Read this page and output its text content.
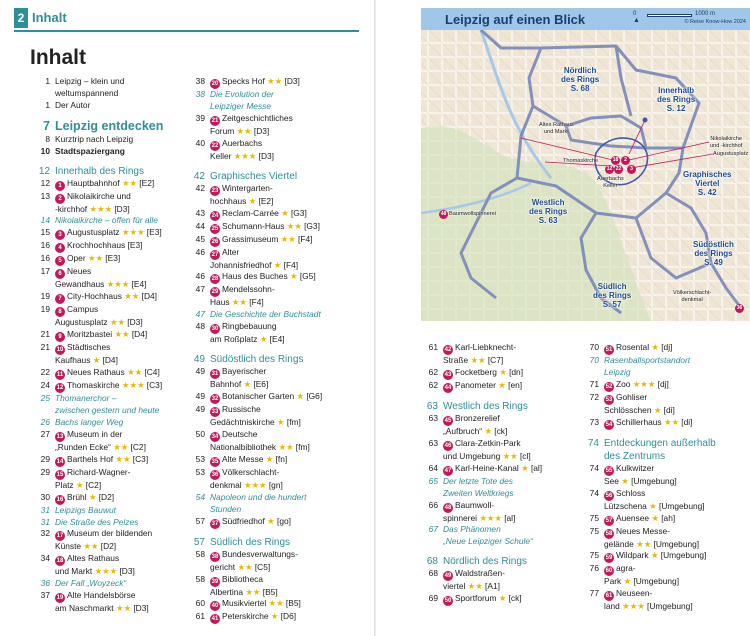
2 Inhalt
Inhalt
1 Leipzig – klein und
weltumspannend
1 Der Autor
7 Leipzig entdecken
8 Kurztrip nach Leipzig
10 Stadtspaziergang
12 Innerhalb des Rings
12	1 Hauptbahnhof ★★ [E2]
13	2 Nikolaikirche und
-kirchhof ★★★ [D3]
14 Nikolaikirche – offen für alle
15	3 Augustusplatz ★★★ [E3]
16	4 Krochhochhaus [E3]
16	5 Oper ★★ [E3]
17	6 Neues
Gewandhaus ★★★ [E4]
19	7 City-Hochhaus ★★ [D4]
19	8 Campus
Augustusplatz ★★ [D3]
21	9 Moritzbastei ★★ [D4]
21	10 Städtisches
Kaufhaus ★ [D4]
22	11 Neues Rathaus ★★ [C4]
24	12 Thomaskirche ★★★ [C3]
25 Thomanerchor –
zwischen gestern und heute
26 Bachs langer Weg
27	13 Museum in der
„Runden Ecke“ ★★ [C2]
29	14 Barthels Hof ★★ [C3]
29	15 Richard-Wagner-
Platz ★ [C2]
30	16 Brühl ★ [D2]
31 Leipzigs Bauwut
31 Die Straße des Pelzes
32	17 Museum der bildenden
Künste ★★ [D2]
34	18 Altes Rathaus
und Markt ★★★ [D3]
36 Der Fall „Woyzeck“
37	19 Alte Handelsbörse
am Naschmarkt ★★ [D3]
38	20 Specks Hof ★★ [D3]
38 Die Evolution der
Leipziger Messe
39	21 Zeitgeschichtliches
Forum ★★ [D3]
40	22 Auerbachs
Keller ★★★ [D3]
42 Graphisches Viertel
42	23 Wintergarten-
hochhaus ★ [E2]
43	24 Reclam-Carrée ★ [G3]
44	25 Schumann-Haus ★★ [G3]
45	26 Grassimuseum ★★ [F4]
46	27 Alter
Johannisfriedhof ★ [F4]
46	28 Haus des Buches ★ [G5]
47	29 Mendelssohn-
Haus ★★ [F4]
47 Die Geschichte der Buchstadt
48	30 Ringbebauung
am Roßplatz ★ [E4]
49 Südöstlich des Rings
49	31 Bayerischer
Bahnhof ★ [E6]
49	32 Botanischer Garten ★ [G6]
49	33 Russische
Gedächtniskirche ★ [fm]
50	34 Deutsche
Nationalbibliothek ★★ [fm]
53	35 Alte Messe ★ [fn]
53	36 Völkerschlacht-
denkmal ★★★ [gn]
54 Napoleon und die hundert
Stunden
57	37 Südfriedhof ★ [go]
57 Südlich des Rings
58	38 Bundesverwaltungs-
gericht ★★ [C5]
58	39 Bibliotheca
Albertina ★★ [B5]
60	40 Musikviertel ★★ [B5]
61	41 Peterskirche ★ [D6]
Leipzig auf einen Blick	▲
0	1000 m
© Reise Know-How 2024
Nördlich
des Rings
S. 68	Innerhalb
des Rings
S. 12
Graphisches
Viertel
S. 42
Westlich
des Rings
S. 63
Südöstlich
des Rings
S. 49
Südlich
des Rings
S. 57
Altes Rathaus
und Markt
Thomaskirche
Auerbachs
Keller
Nikolaikirche
und -kirchhof
Augustusplatz
Baumwollspinnerei
Völkerschlacht-
denkmal
18
12 22
2
3
48
36
61	42 Karl-Liebknecht-
Straße ★★ [C7]
62	43 Focketberg ★ [dn]
62	44 Panometer ★ [en]
63 Westlich des Rings
63	45 Bronzerelief
„Aufbruch“ ★ [ck]
63	46 Clara-Zetkin-Park
und Umgebung ★★ [cl]
64	47 Karl-Heine-Kanal ★ [al]
65 Der letzte Tote des
Zweiten Weltkriegs
66	48 Baumwoll-
spinnerei ★★★ [al]
67 Das Phänomen
„Neue Leipziger Schule“
68 Nördlich des Rings
68	49 Waldstraßen-
viertel ★★ [A1]
69	50 Sportforum ★ [ck]
70	51 Rosental ★ [dj]
70 Rasenballsportstandort
Leipzig
71	52 Zoo ★★★ [dj]
72	53 Gohliser
Schlösschen ★ [di]
73	54 Schillerhaus ★★ [di]
74 Entdeckungen außerhalb
des Zentrums
74	55 Kulkwitzer
See ★ [Umgebung]
74	56 Schloss
Lützschena ★ [Umgebung]
75	57 Auensee ★ [ah]
75	58 Neues Messe-
gelände ★★ [Umgebung]
75	59 Wildpark ★ [Umgebung]
76	60 agra-
Park ★ [Umgebung]
77	61 Neuseen-
land ★★★ [Umgebung]
